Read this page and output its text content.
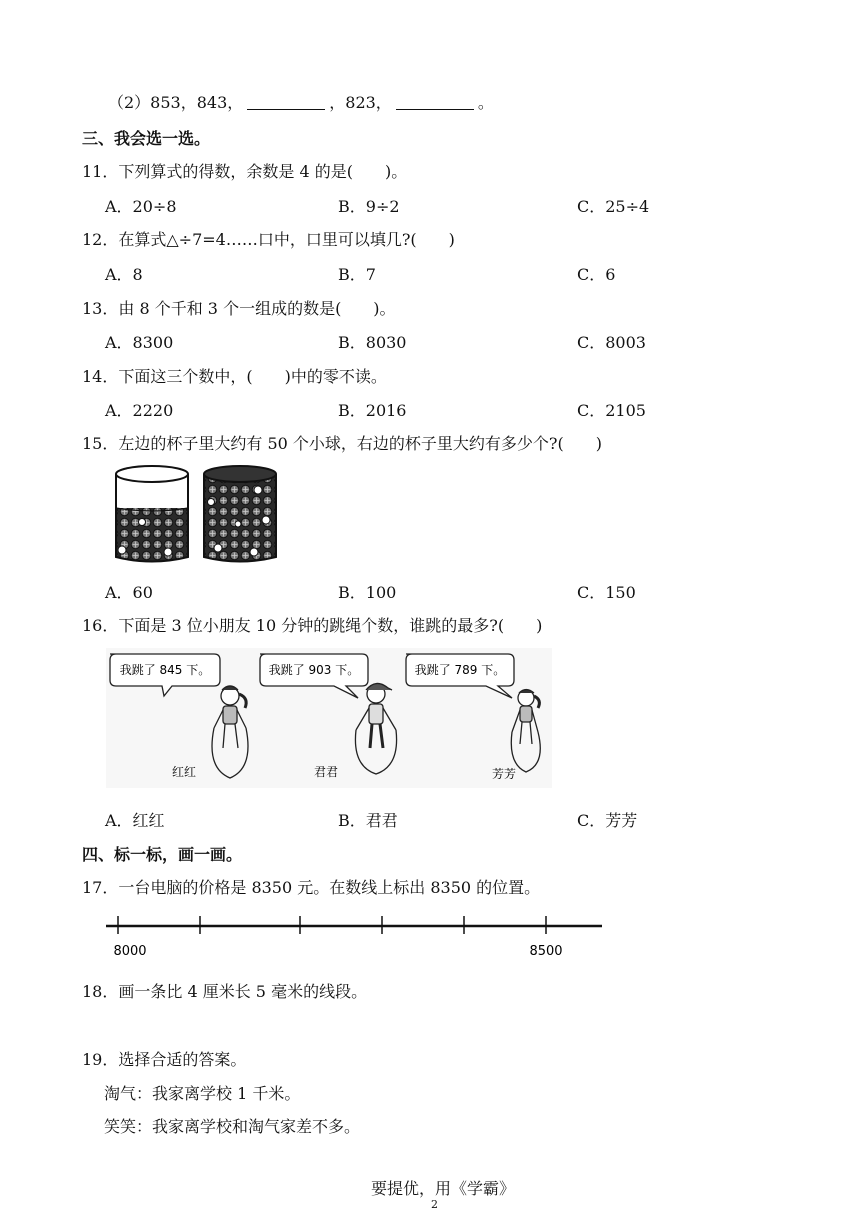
（2）853，843，	，823，	。
三、我会选一选。
11．下列算式的得数，余数是 4 的是(　　)。
A．20÷8	B．9÷2	C．25÷4
12．在算式△÷7=4……口中，口里可以填几?(　　)
A．8	B．7	C．6
13．由 8 个千和 3 个一组成的数是(　　)。
A．8300	B．8030	C．8003
14．下面这三个数中，(　　)中的零不读。
A．2220	B．2016	C．2105
15．左边的杯子里大约有 50 个小球，右边的杯子里大约有多少个?(　　)
A．60	B．100	C．150
16．下面是 3 位小朋友 10 分钟的跳绳个数，谁跳的最多?(　　)
我跳了 845 下。	我跳了 903 下。	我跳了 789 下。
红红	君君	芳芳
A．红红	B．君君	C．芳芳
四、标一标，画一画。
17．一台电脑的价格是 8350 元。在数线上标出 8350 的位置。
8000	8500
18．画一条比 4 厘米长 5 毫米的线段。
19．选择合适的答案。
淘气：我家离学校 1 千米。
笑笑：我家离学校和淘气家差不多。
要提优，用《学霸》
2
